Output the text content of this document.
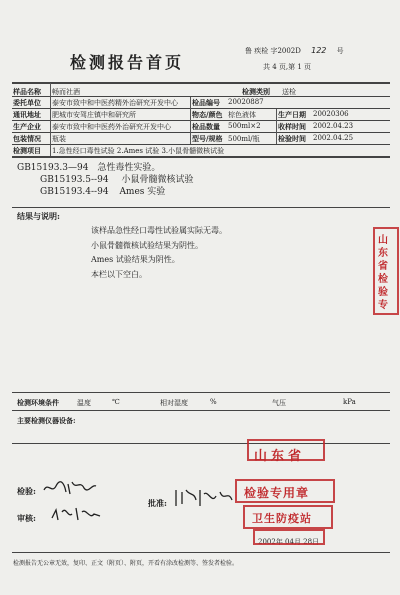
检测报告首页
鲁 疾检 字2002D 122 号
共 4 页,第 1 页
样品名称 畅而社酒	检测类别 送检
委托单位 泰安市致中和中医药精外治研究开发中心 检品编号 20020887
通讯地址 肥城市安驾庄镇中和研究所	物态/颜色 棕色液体	生产日期 20020306
生产企业 泰安市致中和中医药外治研究开发中心	检品数量 500ml×2 收样时间 2002.04.23
包装情况 瓶装	型号/规格 500ml/瓶	检验时间 2002.04.25
检测项目 1.急性经口毒性试验 2.Ames 试验 3.小鼠骨髓微核试验
GB15193.3—94 急性毒性实验。
GB15193.5--94 小鼠骨髓微核试验
GB15193.4--94 Ames 实验
结果与说明:
该样品急性经口毒性试验属实际无毒。
小鼠骨髓微核试验结果为阴性。
Ames 试验结果为阴性。
本栏以下空白。
检测环境条件	温度	℃	相对湿度	%	气压	kPa
主要检测仪器设备:
检验:
审核:
批准:
2002年 04月 28日
山东省
检验专用章
卫生防疫站
山东省检验专
检测报告无公章无效，复印、正文（附页）、附页，开看有涂改检测等、签发者检验。
